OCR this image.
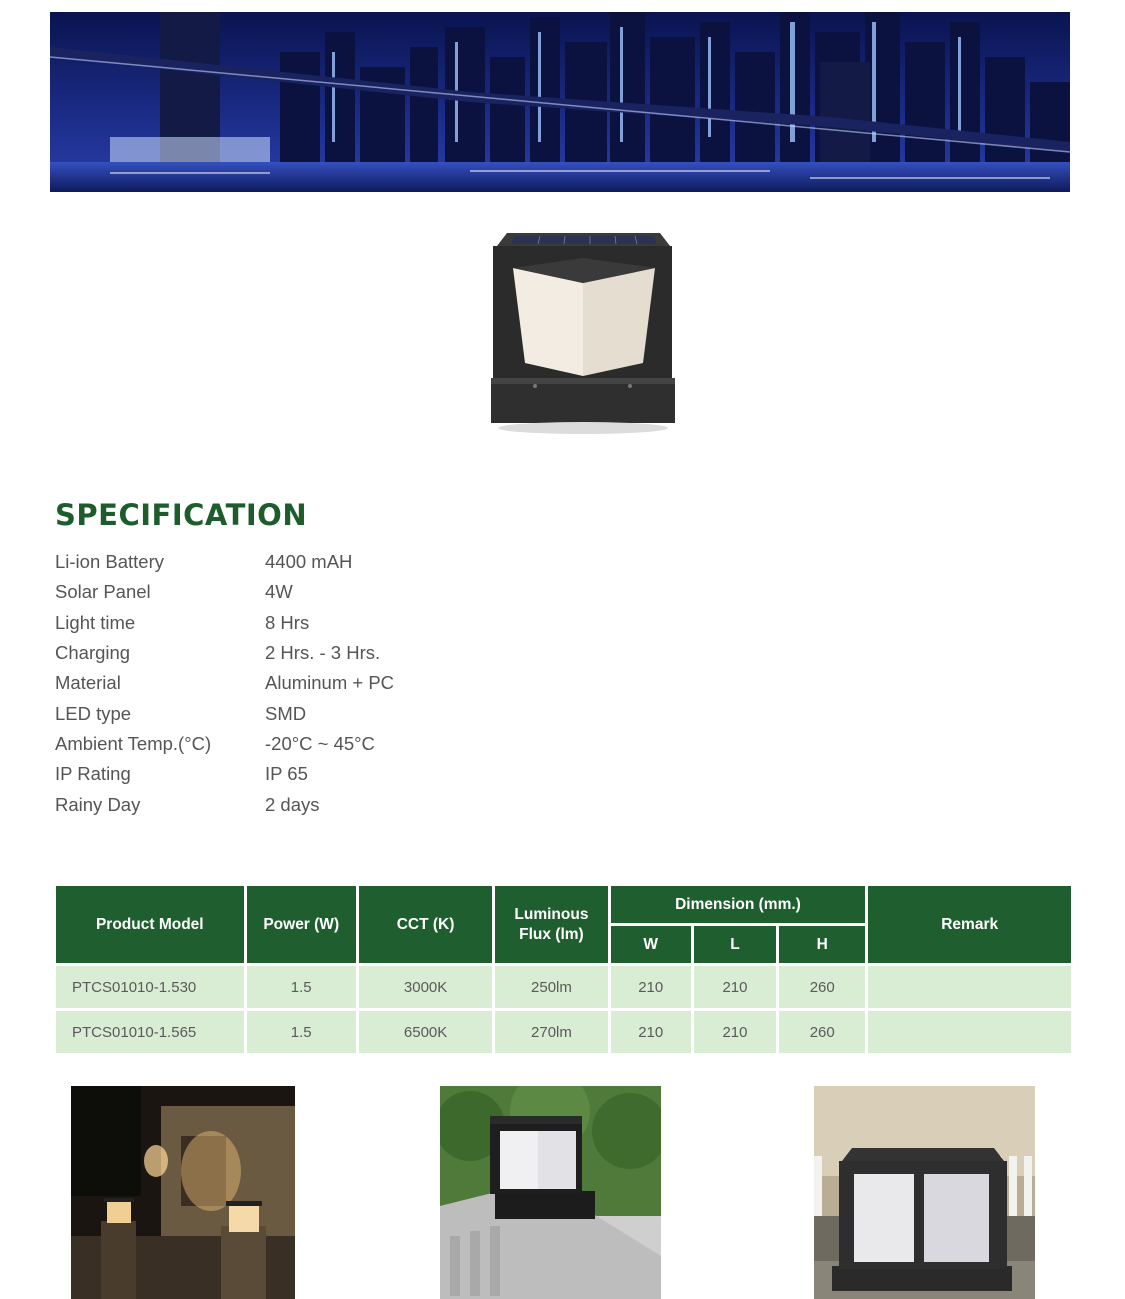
SPECIFICATION
Li-ion Battery	4400 mAH
Solar Panel	4W
Light time	8 Hrs
Charging	2 Hrs. - 3 Hrs.
Material	Aluminum + PC
LED type	SMD
Ambient Temp.(°C)	-20°C ~ 45°C
IP Rating	IP 65
Rainy Day	2 days
Product Model	Power (W)	CCT (K)	Luminous
Flux (lm)	Dimension (mm.)			Remark
				W	L	H	
PTCS01010-1.530	1.5	3000K	250lm	210	210	260	
PTCS01010-1.565	1.5	6500K	270lm	210	210	260	
